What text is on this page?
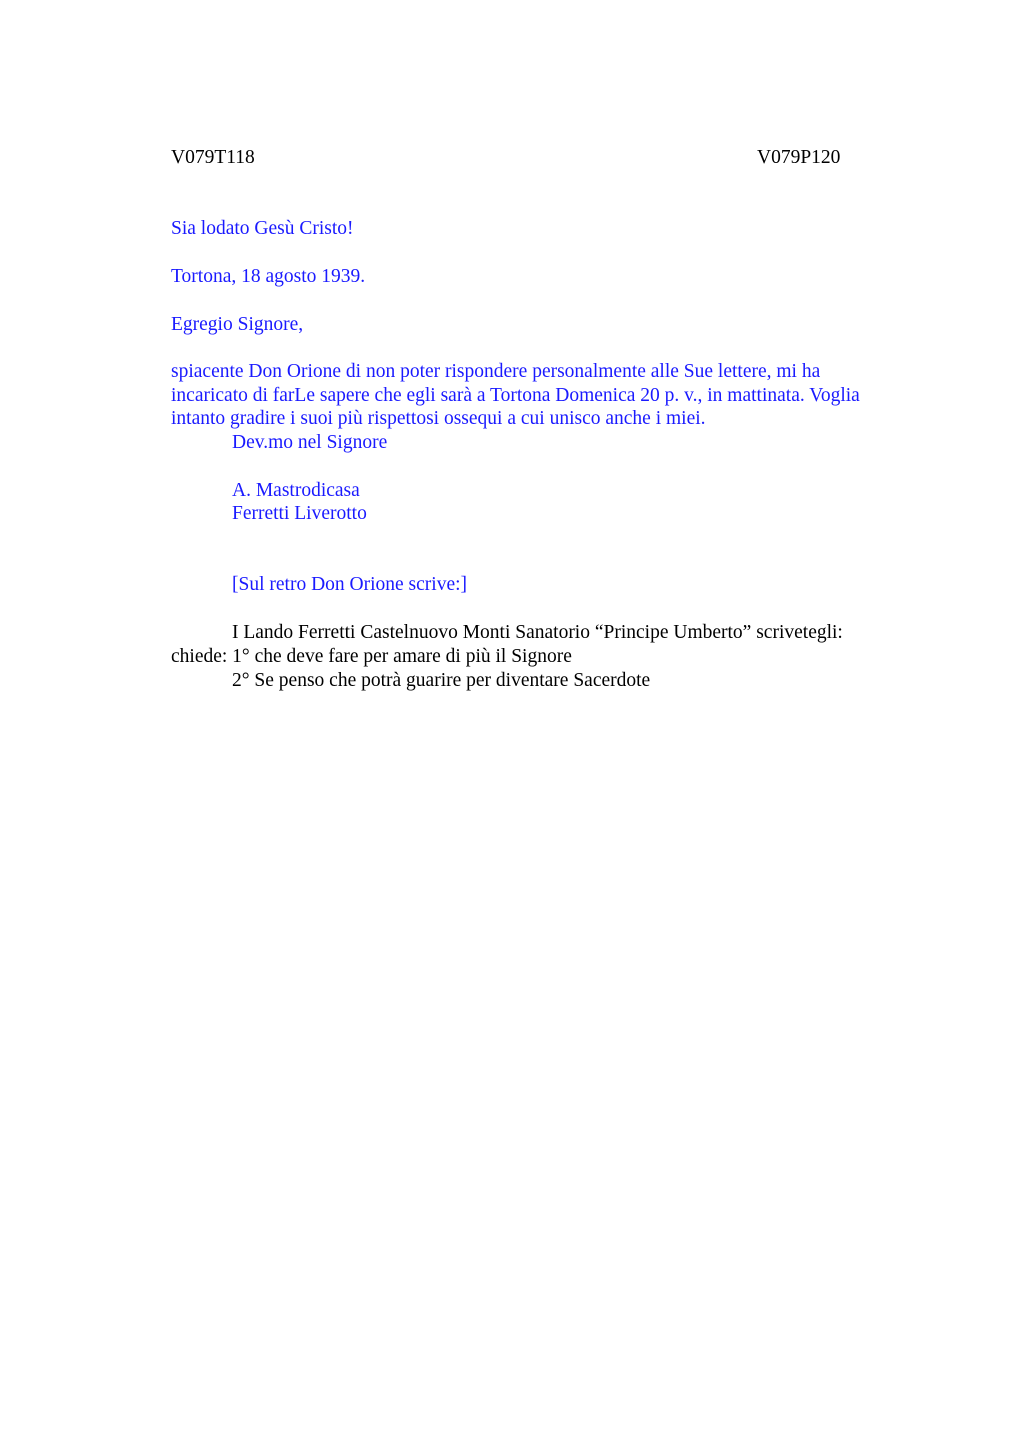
V079T118	V079P120
Sia lodato Gesù Cristo!
Tortona, 18 agosto 1939.
Egregio Signore,
spiacente Don Orione di non poter rispondere personalmente alle Sue lettere, mi ha
incaricato di farLe sapere che egli sarà a Tortona Domenica 20 p. v., in mattinata. Voglia
intanto gradire i suoi più rispettosi ossequi a cui unisco anche i miei.
Dev.mo nel Signore
A. Mastrodicasa
Ferretti Liverotto
[Sul retro Don Orione scrive:]
I Lando Ferretti Castelnuovo Monti Sanatorio “Principe Umberto” scrivetegli:
chiede: 1° che deve fare per amare di più il Signore
2° Se penso che potrà guarire per diventare Sacerdote
